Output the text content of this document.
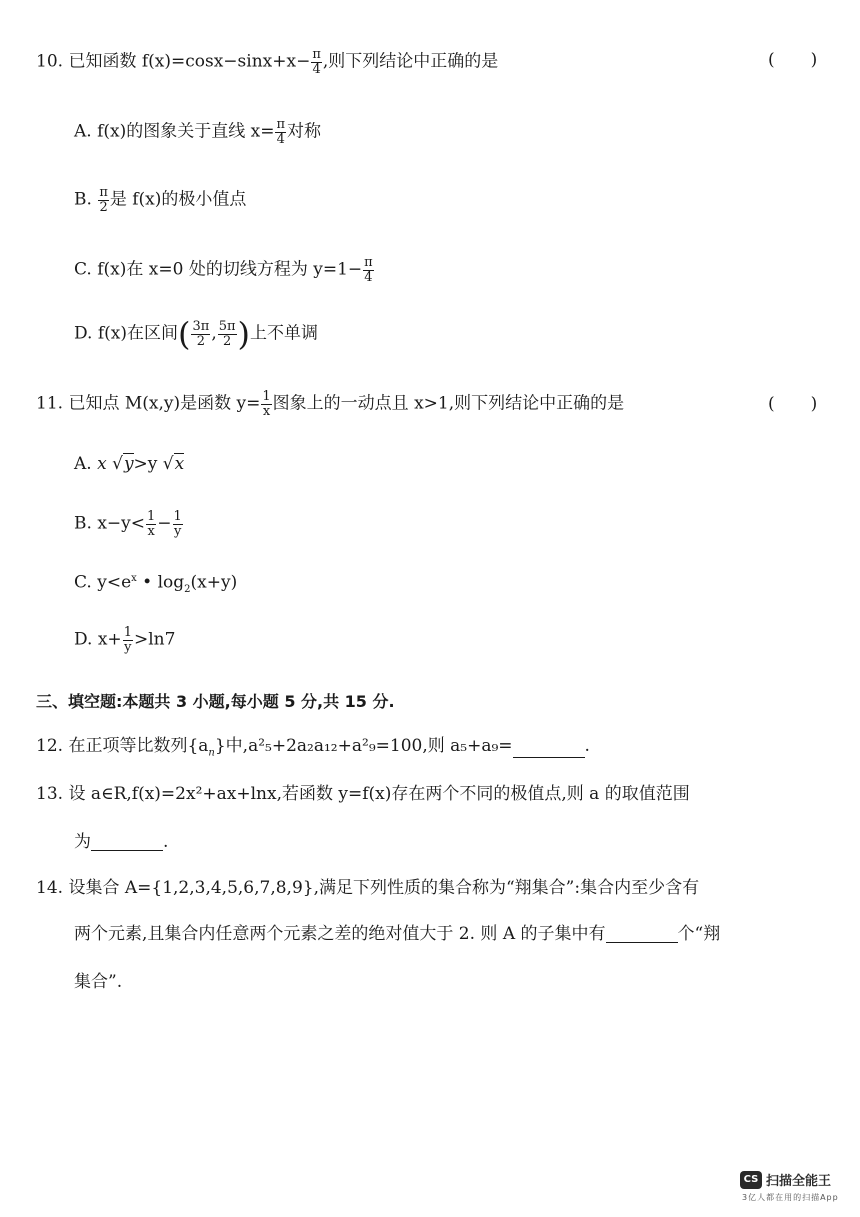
10. 已知函数 $f(x)=\cos x-\sin x+x- \frac{\pi}{4}$ ,则下列结论中正确的是	( )
A. f(x)的图象关于直线 $x= \frac{\pi}{4}$ 对称
B. $\frac{\pi}{2}$ 是 f(x)的极小值点
C. f(x)在 x=0 处的切线方程为 $y=1- \frac{\pi}{4}$
D. f(x)在区间( $\frac{3\pi}{2}$ , $\frac{5\pi}{2}$ )上不单调
11. 已知点 M(x,y)是函数 $y= \frac{1}{x}$ 图象上的一动点且 x>1,则下列结论中正确的是	( )
A. x √y>y √x
B. $x-y< \frac{1}{x} - \frac{1}{y}$
C. $y<e^x$ • $\log_2(x+y)$
D. $x+ \frac{1}{y} >\ln 7$
三、填空题:本题共 3 小题,每小题 5 分,共 15 分.
12. 在正项等比数列$\{a_n\}$中,a²₅+2a₂a₁₂+a²₉=100,则 a₅+a₉=	.
13. 设 a∈R,f(x)=2x²+ax+lnx,若函数 y=f(x)存在两个不同的极值点,则 a 的取值范围
为	.
14. 设集合 A={1,2,3,4,5,6,7,8,9},满足下列性质的集合称为“翔集合”:集合内至少含有
两个元素,且集合内任意两个元素之差的绝对值大于 2. 则 A 的子集中有	个“翔
集合”.
CS 扫描全能王
3亿人都在用的扫描App
